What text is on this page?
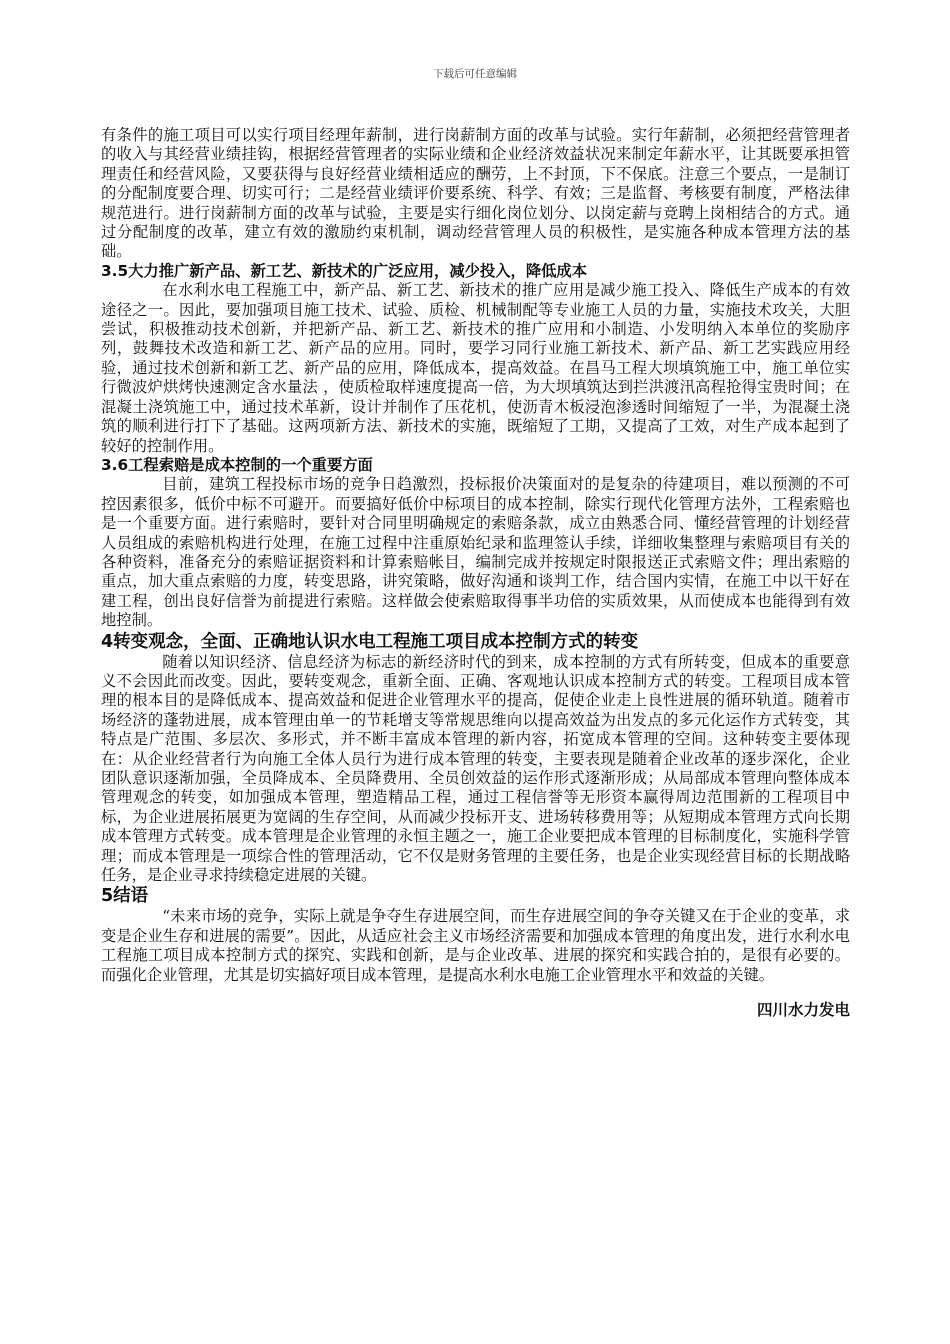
下载后可任意编辑

有条件的施工项目可以实行项目经理年薪制，进行岗薪制方面的改革与试验。实行年薪制，必须把经营管理者的收入与其经营业绩挂钩，根据经营管理者的实际业绩和企业经济效益状况来制定年薪水平，让其既要承担管理责任和经营风险，又要获得与良好经营业绩相适应的酬劳，上不封顶，下不保底。注意三个要点，一是制订的分配制度要合理、切实可行；二是经营业绩评价要系统、科学、有效；三是监督、考核要有制度，严格法律规范进行。进行岗薪制方面的改革与试验，主要是实行细化岗位划分、以岗定薪与竞聘上岗相结合的方式。通过分配制度的改革，建立有效的激励约束机制，调动经营管理人员的积极性，是实施各种成本管理方法的基础。

3.5大力推广新产品、新工艺、新技术的广泛应用，减少投入，降低成本

在水利水电工程施工中，新产品、新工艺、新技术的推广应用是减少施工投入、降低生产成本的有效途径之一。因此，要加强项目施工技术、试验、质检、机械制配等专业施工人员的力量，实施技术攻关，大胆尝试，积极推动技术创新，并把新产品、新工艺、新技术的推广应用和小制造、小发明纳入本单位的奖励序列，鼓舞技术改造和新工艺、新产品的应用。同时，要学习同行业施工新技术、新产品、新工艺实践应用经验，通过技术创新和新工艺、新产品的应用，降低成本，提高效益。在昌马工程大坝填筑施工中，施工单位实行微波炉烘烤快速测定含水量法 ，使质检取样速度提高一倍，为大坝填筑达到拦洪渡汛高程抢得宝贵时间；在混凝土浇筑施工中，通过技术革新，设计并制作了压花机，使沥青木板浸泡渗透时间缩短了一半，为混凝土浇筑的顺利进行打下了基础。这两项新方法、新技术的实施，既缩短了工期，又提高了工效，对生产成本起到了较好的控制作用。

3.6工程索赔是成本控制的一个重要方面

目前，建筑工程投标市场的竞争日趋激烈，投标报价决策面对的是复杂的待建项目，难以预测的不可控因素很多，低价中标不可避开。而要搞好低价中标项目的成本控制，除实行现代化管理方法外，工程索赔也是一个重要方面。进行索赔时，要针对合同里明确规定的索赔条款，成立由熟悉合同、懂经营管理的计划经营人员组成的索赔机构进行处理，在施工过程中注重原始纪录和监理签认手续，详细收集整理与索赔项目有关的各种资料，准备充分的索赔证据资料和计算索赔帐目，编制完成并按规定时限报送正式索赔文件；理出索赔的重点，加大重点索赔的力度，转变思路，讲究策略，做好沟通和谈判工作，结合国内实情，在施工中以干好在建工程，创出良好信誉为前提进行索赔。这样做会使索赔取得事半功倍的实质效果，从而使成本也能得到有效地控制。

4转变观念，全面、正确地认识水电工程施工项目成本控制方式的转变

随着以知识经济、信息经济为标志的新经济时代的到来，成本控制的方式有所转变，但成本的重要意义不会因此而改变。因此，要转变观念，重新全面、正确、客观地认识成本控制方式的转变。工程项目成本管理的根本目的是降低成本、提高效益和促进企业管理水平的提高，促使企业走上良性进展的循环轨道。随着市场经济的蓬勃进展，成本管理由单一的节耗增支等常规思维向以提高效益为出发点的多元化运作方式转变，其特点是广范围、多层次、多形式，并不断丰富成本管理的新内容，拓宽成本管理的空间。这种转变主要体现在：从企业经营者行为向施工全体人员行为进行成本管理的转变，主要表现是随着企业改革的逐步深化，企业团队意识逐渐加强，全员降成本、全员降费用、全员创效益的运作形式逐渐形成；从局部成本管理向整体成本管理观念的转变，如加强成本管理，塑造精品工程，通过工程信誉等无形资本赢得周边范围新的工程项目中标，为企业进展拓展更为宽阔的生存空间，从而减少投标开支、进场转移费用等；从短期成本管理方式向长期成本管理方式转变。成本管理是企业管理的永恒主题之一，施工企业要把成本管理的目标制度化，实施科学管理；而成本管理是一项综合性的管理活动，它不仅是财务管理的主要任务，也是企业实现经营目标的长期战略任务，是企业寻求持续稳定进展的关键。

5结语

“未来市场的竞争，实际上就是争夺生存进展空间，而生存进展空间的争夺关键又在于企业的变革，求变是企业生存和进展的需要”。因此，从适应社会主义市场经济需要和加强成本管理的角度出发，进行水利水电工程施工项目成本控制方式的探究、实践和创新，是与企业改革、进展的探究和实践合拍的，是很有必要的。而强化企业管理，尤其是切实搞好项目成本管理，是提高水利水电施工企业管理水平和效益的关键。

四川水力发电
